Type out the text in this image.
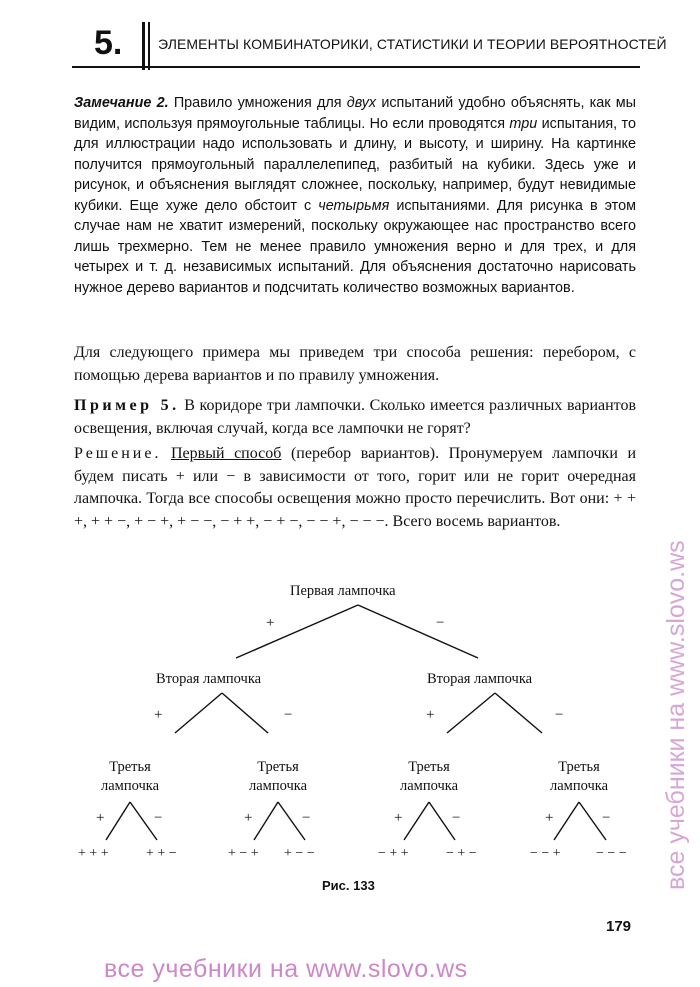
5.	ЭЛЕМЕНТЫ КОМБИНАТОРИКИ, СТАТИСТИКИ И ТЕОРИИ ВЕРОЯТНОСТЕЙ
Замечание 2. Правило умножения для двух испытаний удобно объяснять, как мы видим, используя прямоугольные таблицы. Но если проводятся три испытания, то для иллюстрации надо использовать и длину, и высоту, и ширину. На картинке получится прямоугольный параллелепипед, разбитый на кубики. Здесь уже и рисунок, и объяснения выглядят сложнее, поскольку, например, будут невидимые кубики. Еще хуже дело обстоит с четырьмя испытаниями. Для рисунка в этом случае нам не хватит измерений, поскольку окружающее нас пространство всего лишь трехмерно. Тем не менее правило умножения верно и для трех, и для четырех и т. д. независимых испытаний. Для объяснения достаточно нарисовать нужное дерево вариантов и подсчитать количество возможных вариантов.
Для следующего примера мы приведем три способа решения: перебором, с помощью дерева вариантов и по правилу умножения.
Пример 5. В коридоре три лампочки. Сколько имеется различных вариантов освещения, включая случай, когда все лампочки не горят?
Решение. Первый способ (перебор вариантов). Пронумеруем лампочки и будем писать + или − в зависимости от того, горит или не горит очередная лампочка. Тогда все способы освещения можно просто перечислить. Вот они: + + +, + + −, + − +, + − −, − + +, − + −, − − +, − − −. Всего восемь вариантов.
Первая лампочка
+	−
Вторая лампочка	Вторая лампочка
+	−	+	−
Третья
лампочка
Третья
лампочка
Третья
лампочка
Третья
лампочка
+	−	+	−	+	−	+	−
+ + +	+ + −	+ − + + − −	− + +	− + −	− − +	− − −
Рис. 133
179
все учебники на www.slovo.ws
все учебники на www.slovo.ws
